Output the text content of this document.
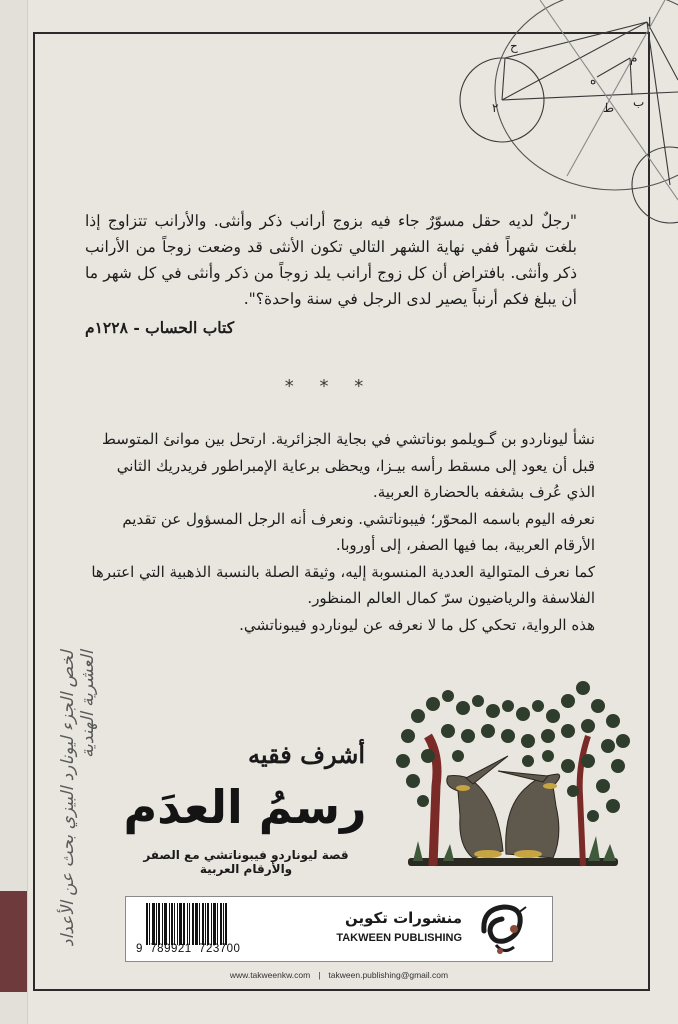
٢
ح
م
ه
ط ب
ا
"رجلٌ لديه حقل مسوّرٌ جاء فيه بزوج أرانب ذكر وأنثى. والأرانب تتزاوج إذا بلغت شهراً ففي نهاية الشهر التالي تكون الأنثى قد وضعت زوجاً من الأرانب ذكر وأنثى. بافتراض أن كل زوج أرانب يلد زوجاً من ذكر وأنثى في كل شهر ما أن يبلغ فكم أرنباً يصير لدى الرجل في سنة واحدة؟".
كتاب الحساب - ١٢٢٨م
* * *

نشأ ليوناردو بن گـويلمو بوناتشي في بجاية الجزائرية. ارتحل بين موانئ المتوسط قبل أن يعود إلى مسقط رأسه بيـزا، ويحظى برعاية الإمبراطور فريدريك الثاني الذي عُرف بشغفه بالحضارة العربية.

نعرفه اليوم باسمه المحوّر؛ فيبوناتشي. ونعرف أنه الرجل المسؤول عن تقديم الأرقام العربية، بما فيها الصفر، إلى أوروبا.

كما نعرف المتوالية العددية المنسوبة إليه، وثيقة الصلة بالنسبة الذهبية التي اعتبرها الفلاسفة والرياضيون سرّ كمال العالم المنظور.

هذه الرواية، تحكي كل ما لا نعرفه عن ليوناردو فيبوناتشي.

لخص الجزء ليونارد البيزي بحث عن الأعداد العشرية الهندية	أشرف فقيه
رسمُ العدَم
قصة ليوناردو فيبوناتشي مع الصفر والأرقام العربية
9  789921  723700
منشورات تكوين
TAKWEEN PUBLISHING
www.takweenkw.com | takween.publishing@gmail.com
